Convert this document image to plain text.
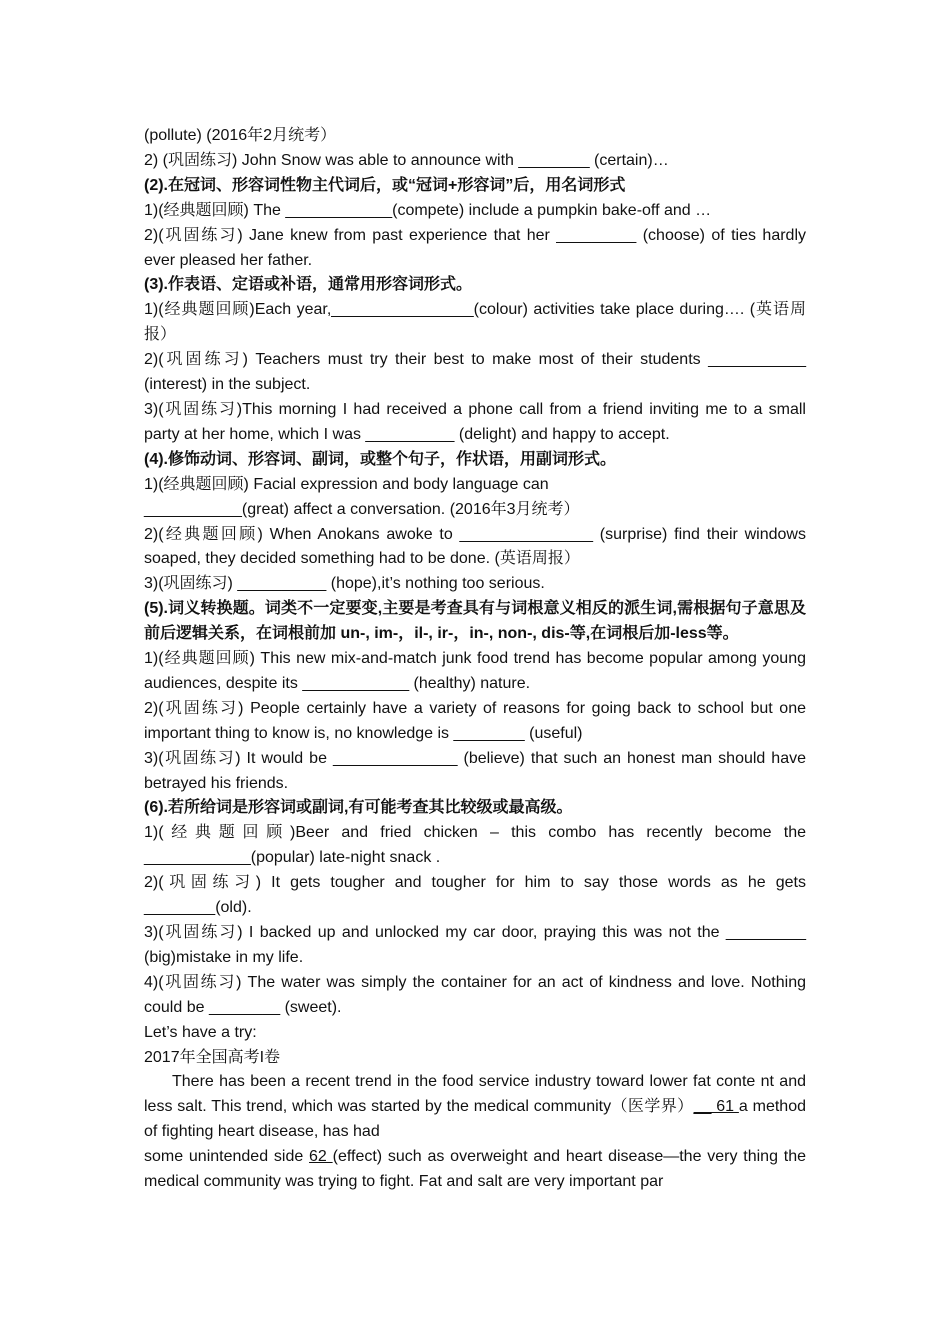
(pollute) (2016年2月统考）

2) (巩固练习) John Snow was able to announce with ________ (certain)…

(2).在冠词、形容词性物主代词后，或“冠词+形容词”后，用名词形式

1)(经典题回顾) The ____________(compete) include a pumpkin bake-off and …

2)(巩固练习) Jane knew from past experience that her _________ (choose) of ties hardly ever pleased her father.

(3).作表语、定语或补语，通常用形容词形式。

1)(经典题回顾)Each year,________________(colour) activities take place during…. (英语周报）

2)(巩固练习) Teachers must try their best to make most of their students ___________ (interest) in the subject.

3)(巩固练习)This morning I had received a phone call from a friend inviting me to a small party at her home, which I was __________ (delight) and happy to accept.

(4).修饰动词、形容词、副词，或整个句子，作状语，用副词形式。

1)(经典题回顾) Facial expression and body language can

___________(great) affect a conversation. (2016年3月统考）

2)(经典题回顾) When Anokans awoke to _______________ (surprise) find their windows soaped, they decided something had to be done. (英语周报）

3)(巩固练习) __________ (hope),it’s nothing too serious.

(5).词义转换题。词类不一定要变,主要是考查具有与词根意义相反的派生词,需根据句子意思及前后逻辑关系，在词根前加 un-, im-，il-, ir-，in-, non-, dis-等,在词根后加-less等。

1)(经典题回顾) This new mix-and-match junk food trend has become popular among young audiences, despite its ____________ (healthy) nature.

2)(巩固练习) People certainly have a variety of reasons for going back to school but one important thing to know is, no knowledge is ________ (useful)

3)(巩固练习) It would be ______________ (believe) that such an honest man should have betrayed his friends.

(6).若所给词是形容词或副词,有可能考查其比较级或最高级。

1)(经典题回顾)Beer and fried chicken – this combo has recently become the ____________(popular) late-night snack .

2)(巩固练习) It gets tougher and tougher for him to say those words as he gets ________(old).

3)(巩固练习) I backed up and unlocked my car door, praying this was not the _________ (big)mistake in my life.

4)(巩固练习) The water was simply the container for an act of kindness and love. Nothing could be ________ (sweet).

Let’s have a try:

2017年全国高考I卷

There has been a recent trend in the food service industry toward lower fat conte nt and less salt. This trend, which was started by the medical community（医学界）__ 61 a method of fighting heart disease, has had

some unintended side 62 (effect) such as overweight and heart disease—the very thing the medical community was trying to fight. Fat and salt are very important par
